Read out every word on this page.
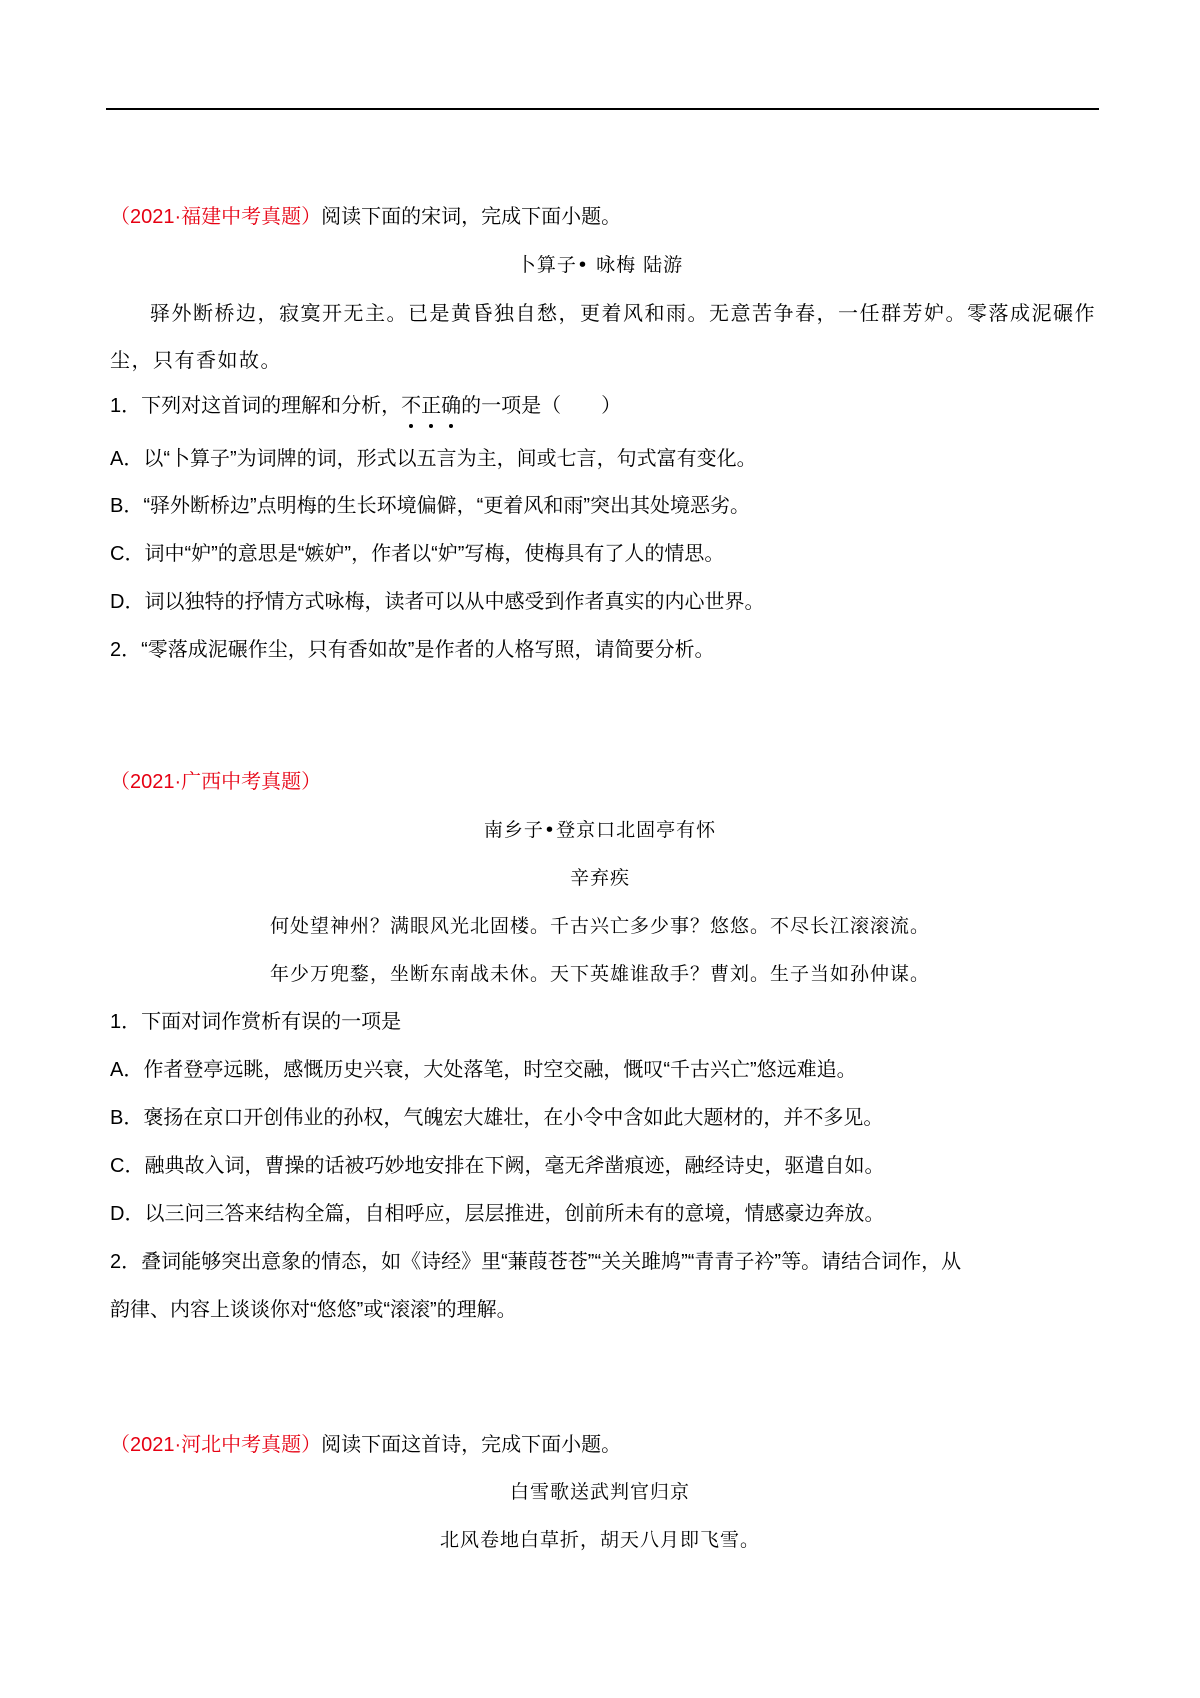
（2021·福建中考真题）阅读下面的宋词，完成下面小题。
卜算子• 咏梅 陆游
驿外断桥边，寂寞开无主。已是黄昏独自愁，更着风和雨。无意苦争春，一任群芳妒。零落成泥碾作
尘，只有香如故。
1．下列对这首词的理解和分析，不正确的一项是（　　）
A．以“卜算子”为词牌的词，形式以五言为主，间或七言，句式富有变化。
B．“驿外断桥边”点明梅的生长环境偏僻，“更着风和雨”突出其处境恶劣。
C．词中“妒”的意思是“嫉妒”，作者以“妒”写梅，使梅具有了人的情思。
D．词以独特的抒情方式咏梅，读者可以从中感受到作者真实的内心世界。
2．“零落成泥碾作尘，只有香如故”是作者的人格写照，请简要分析。
（2021·广西中考真题）
南乡子•登京口北固亭有怀
辛弃疾
何处望神州？满眼风光北固楼。千古兴亡多少事？悠悠。不尽长江滚滚流。
年少万兜鍪，坐断东南战未休。天下英雄谁敌手？曹刘。生子当如孙仲谋。
1．下面对词作赏析有误的一项是
A．作者登亭远眺，感慨历史兴衰，大处落笔，时空交融，慨叹“千古兴亡”悠远难追。
B．褒扬在京口开创伟业的孙权，气魄宏大雄壮，在小令中含如此大题材的，并不多见。
C．融典故入词，曹操的话被巧妙地安排在下阙，毫无斧凿痕迹，融经诗史，驱遣自如。
D．以三问三答来结构全篇，自相呼应，层层推进，创前所未有的意境，情感豪边奔放。
2．叠词能够突出意象的情态，如《诗经》里“蒹葭苍苍”“关关雎鸠”“青青子衿”等。请结合词作，从
韵律、内容上谈谈你对“悠悠”或“滚滚”的理解。
（2021·河北中考真题）阅读下面这首诗，完成下面小题。
白雪歌送武判官归京
北风卷地白草折，胡天八月即飞雪。
